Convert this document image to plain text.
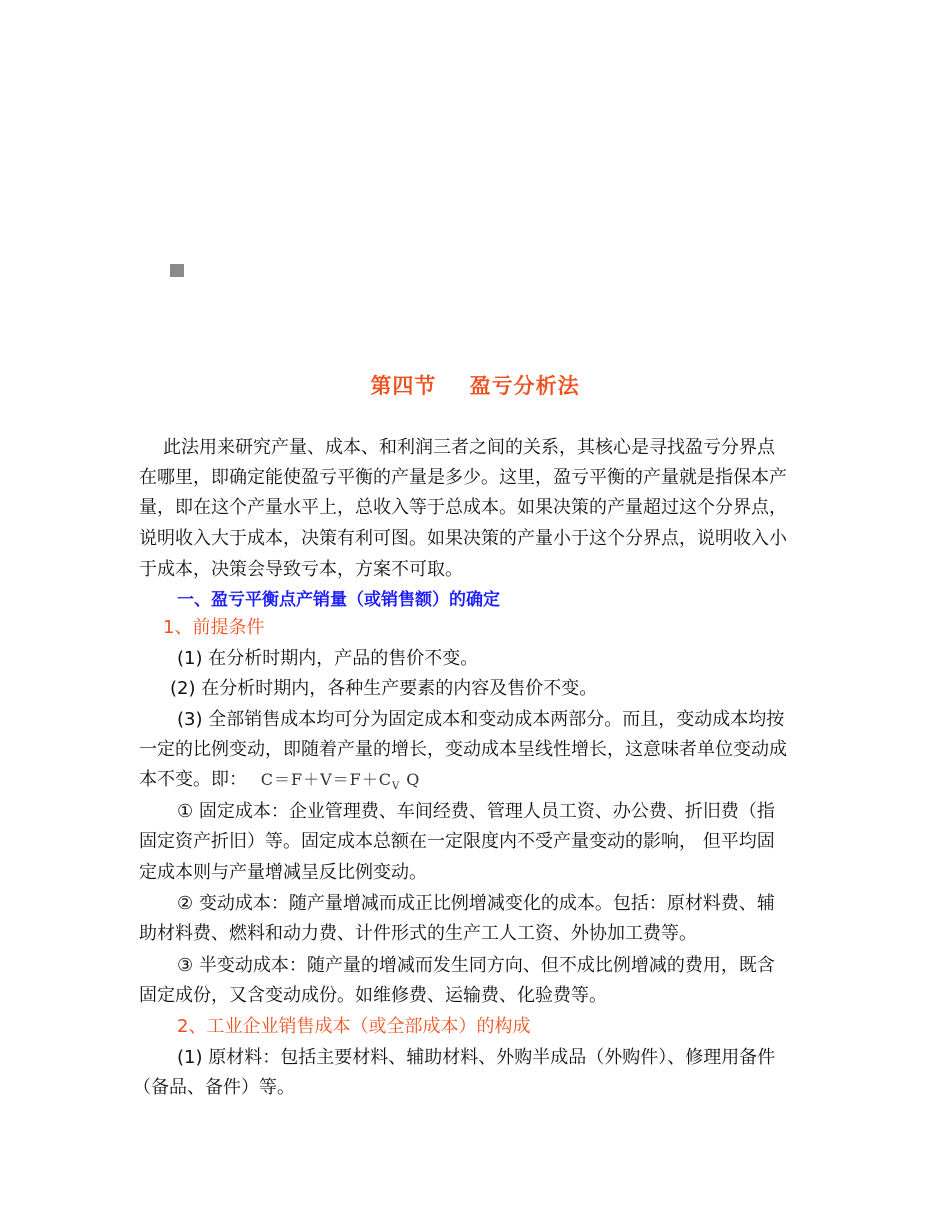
第四节    盈亏分析法
此法用来研究产量、成本、和利润三者之间的关系，其核心是寻找盈亏分界点
在哪里，即确定能使盈亏平衡的产量是多少。这里，盈亏平衡的产量就是指保本产
量，即在这个产量水平上，总收入等于总成本。如果决策的产量超过这个分界点，
说明收入大于成本，决策有利可图。如果决策的产量小于这个分界点，说明收入小
于成本，决策会导致亏本，方案不可取。
一、盈亏平衡点产销量（或销售额）的确定
1、前提条件
(1) 在分析时期内，产品的售价不变。
(2) 在分析时期内，各种生产要素的内容及售价不变。
(3) 全部销售成本均可分为固定成本和变动成本两部分。而且，变动成本均按
一定的比例变动，即随着产量的增长，变动成本呈线性增长，这意味者单位变动成
本不变。即： $C=F+V=F+C_V$ Q
① 固定成本：企业管理费、车间经费、管理人员工资、办公费、折旧费（指
固定资产折旧）等。固定成本总额在一定限度内不受产量变动的影响， 但平均固
定成本则与产量增减呈反比例变动。
② 变动成本：随产量增减而成正比例增减变化的成本。包括：原材料费、辅
助材料费、燃料和动力费、计件形式的生产工人工资、外协加工费等。
③ 半变动成本：随产量的增减而发生同方向、但不成比例增减的费用，既含
固定成份，又含变动成份。如维修费、运输费、化验费等。
2、工业企业销售成本（或全部成本）的构成
(1) 原材料：包括主要材料、辅助材料、外购半成品（外购件）、修理用备件
（备品、备件）等。
